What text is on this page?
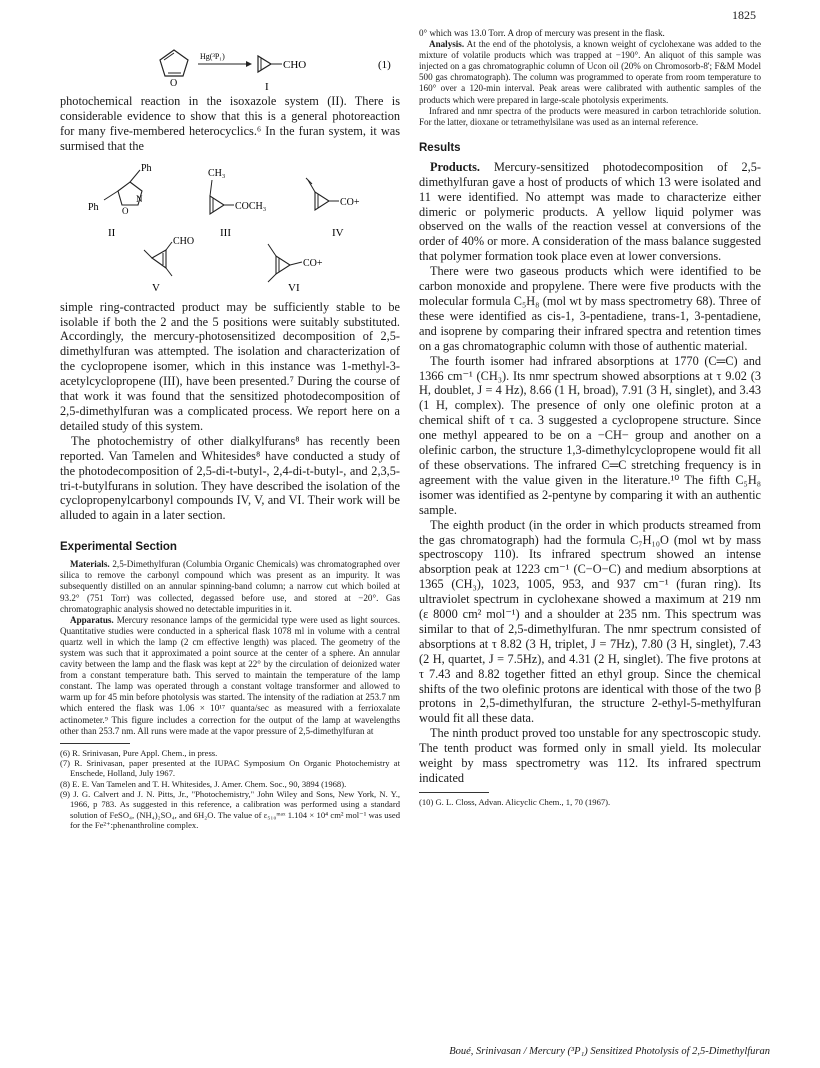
1825
O
Hg(³P₁)
CHO	(1)
I

photochemical reaction in the isoxazole system (II). There is considerable evidence to show that this is a general photoreaction for many five-membered heterocyclics.⁶ In the furan system, it was surmised that the

Ph
Ph
N
O
II
CH₃
COCH₃
III
CO+
IV
CHO
V
CO+
VI

simple ring-contracted product may be sufficiently stable to be isolable if both the 2 and the 5 positions were suitably substituted. Accordingly, the mercury-photosensitized decomposition of 2,5-dimethylfuran was attempted. The isolation and characterization of the cyclopropene isomer, which in this instance was 1-methyl-3-acetylcyclopropene (III), have been presented.⁷ During the course of that work it was found that the sensitized photodecomposition of 2,5-dimethylfuran was a complicated process. We report here on a detailed study of this system.

The photochemistry of other dialkylfurans⁸ has recently been reported. Van Tamelen and Whitesides⁸ have conducted a study of the photodecomposition of 2,5-di-t-butyl-, 2,4-di-t-butyl-, and 2,3,5-tri-t-butylfurans in solution. They have described the isolation of the cyclopropenylcarbonyl compounds IV, V, and VI. Their work will be alluded to again in a later section.

Experimental Section

Materials. 2,5-Dimethylfuran (Columbia Organic Chemicals) was chromatographed over silica to remove the carbonyl compound which was present as an impurity. It was subsequently distilled on an annular spinning-band column; a narrow cut which boiled at 93.2° (751 Torr) was collected, degassed before use, and stored at −20°. Gas chromatographic analysis showed no detectable impurities in it.

Apparatus. Mercury resonance lamps of the germicidal type were used as light sources. Quantitative studies were conducted in a spherical flask 1078 ml in volume with a central quartz well in which the lamp (2 cm effective length) was placed. The geometry of the system was such that it approximated a point source at the center of a sphere. An annular cavity between the lamp and the flask was kept at 22° by the circulation of deionized water from a constant temperature bath. This served to maintain the temperature of the lamp constant. The lamp was operated through a constant voltage transformer and allowed to warm up for 45 min before photolysis was started. The intensity of the radiation at 253.7 nm which entered the flask was 1.06 × 10¹⁷ quanta/sec as measured with a ferrioxalate actinometer.⁹ This figure includes a correction for the output of the lamp at wavelengths other than 253.7 nm. All runs were made at the vapor pressure of 2,5-dimethylfuran at

(6) R. Srinivasan, Pure Appl. Chem., in press.

(7) R. Srinivasan, paper presented at the IUPAC Symposium On Organic Photochemistry at Enschede, Holland, July 1967.

(8) E. E. Van Tamelen and T. H. Whitesides, J. Amer. Chem. Soc., 90, 3894 (1968).

(9) J. G. Calvert and J. N. Pitts, Jr., "Photochemistry," John Wiley and Sons, New York, N. Y., 1966, p 783. As suggested in this reference, a calibration was performed using a standard solution of FeSO₄, (NH₄)₂SO₄, and 6H₂O. The value of ε₅₁₀ᵐᵃˣ 1.104 × 10⁴ cm² mol⁻¹ was used for the Fe²⁺:phenanthroline complex.

0° which was 13.0 Torr. A drop of mercury was present in the flask.

Analysis. At the end of the photolysis, a known weight of cyclohexane was added to the mixture of volatile products which was trapped at −190°. An aliquot of this sample was injected on a gas chromatographic column of Ucon oil (20% on Chromosorb-8'; F&M Model 500 gas chromatograph). The column was programmed to operate from room temperature to 160° over a 120-min interval. Peak areas were calibrated with authentic samples of the products which were prepared in large-scale photolysis experiments.

Infrared and nmr spectra of the products were measured in carbon tetrachloride solution. For the latter, dioxane or tetramethylsilane was used as an internal reference.

Results

Products. Mercury-sensitized photodecomposition of 2,5-dimethylfuran gave a host of products of which 13 were isolated and 11 were identified. No attempt was made to characterize either dimeric or polymeric products. A yellow liquid polymer was observed on the walls of the reaction vessel at conversions of the order of 40% or more. A consideration of the mass balance suggested that polymer formation took place even at lower conversions.

There were two gaseous products which were identified to be carbon monoxide and propylene. There were five products with the molecular formula C₅H₈ (mol wt by mass spectrometry 68). Three of these were identified as cis-1, 3-pentadiene, trans-1, 3-pentadiene, and isoprene by comparing their infrared spectra and retention times on a gas chromatographic column with those of authentic material.

The fourth isomer had infrared absorptions at 1770 (C═C) and 1366 cm⁻¹ (CH₃). Its nmr spectrum showed absorptions at τ 9.02 (3 H, doublet, J = 4 Hz), 8.66 (1 H, broad), 7.91 (3 H, singlet), and 3.43 (1 H, complex). The presence of only one olefinic proton at a chemical shift of τ ca. 3 suggested a cyclopropene structure. Since one methyl appeared to be on a −CH− group and another on a olefinic carbon, the structure 1,3-dimethylcyclopropene would fit all of these observations. The infrared C═C stretching frequency is in agreement with the value given in the literature.¹⁰ The fifth C₅H₈ isomer was identified as 2-pentyne by comparing it with an authentic sample.

The eighth product (in the order in which products streamed from the gas chromatograph) had the formula C₇H₁₀O (mol wt by mass spectroscopy 110). Its infrared spectrum showed an intense absorption peak at 1223 cm⁻¹ (C−O−C) and medium absorptions at 1365 (CH₃), 1023, 1005, 953, and 937 cm⁻¹ (furan ring). Its ultraviolet spectrum in cyclohexane showed a maximum at 219 nm (ε 8000 cm² mol⁻¹) and a shoulder at 235 nm. This spectrum was similar to that of 2,5-dimethylfuran. The nmr spectrum consisted of absorptions at τ 8.82 (3 H, triplet, J = 7Hz), 7.80 (3 H, singlet), 7.43 (2 H, quartet, J = 7.5Hz), and 4.31 (2 H, singlet). The five protons at τ 7.43 and 8.82 together fitted an ethyl group. Since the chemical shifts of the two olefinic protons are identical with those of the two β protons in 2,5-dimethylfuran, the structure 2-ethyl-5-methylfuran would fit all these data.

The ninth product proved too unstable for any spectroscopic study. The tenth product was formed only in small yield. Its molecular weight by mass spectrometry was 112. Its infrared spectrum indicated

(10) G. L. Closs, Advan. Alicyclic Chem., 1, 70 (1967).

Boué, Srinivasan / Mercury (³P₁) Sensitized Photolysis of 2,5-Dimethylfuran
